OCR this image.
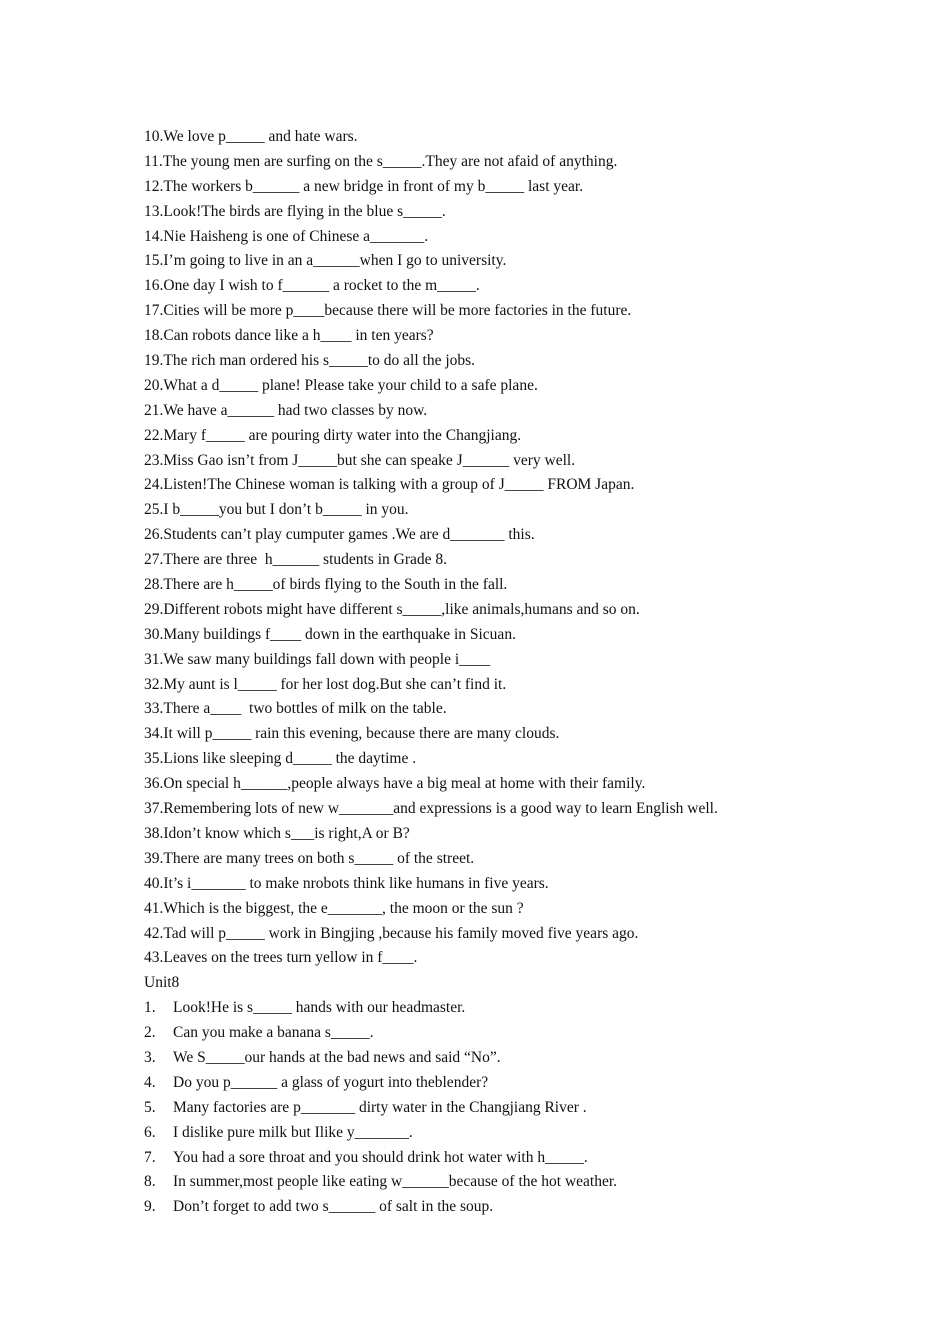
10.We love p_____ and hate wars.
11.The young men are surfing on the s_____.They are not afaid of anything.
12.The workers b______ a new bridge in front of my b_____ last year.
13.Look!The birds are flying in the blue s_____.
14.Nie Haisheng is one of Chinese a_______.
15.I’m going to live in an a______when I go to university.
16.One day I wish to f______ a rocket to the m_____.
17.Cities will be more p____because there will be more factories in the future.
18.Can robots dance like a h____ in ten years?
19.The rich man ordered his s_____to do all the jobs.
20.What a d_____ plane! Please take your child to a safe plane.
21.We have a______ had two classes by now.
22.Mary f_____ are pouring dirty water into the Changjiang.
23.Miss Gao isn’t from J_____but she can speake J______ very well.
24.Listen!The Chinese woman is talking with a group of J_____ FROM Japan.
25.I b_____you but I don’t b_____ in you.
26.Students can’t play cumputer games .We are d_______ this.
27.There are three  h______ students in Grade 8.
28.There are h_____of birds flying to the South in the fall.
29.Different robots might have different s_____,like animals,humans and so on.
30.Many buildings f____ down in the earthquake in Sicuan.
31.We saw many buildings fall down with people i____
32.My aunt is l_____ for her lost dog.But she can’t find it.
33.There a____  two bottles of milk on the table.
34.It will p_____ rain this evening, because there are many clouds.
35.Lions like sleeping d_____ the daytime .
36.On special h______,people always have a big meal at home with their family.
37.Remembering lots of new w_______and expressions is a good way to learn English well.
38.Idon’t know which s___is right,A or B?
39.There are many trees on both s_____ of the street.
40.It’s i_______ to make nrobots think like humans in five years.
41.Which is the biggest, the e_______, the moon or the sun ?
42.Tad will p_____ work in Bingjing ,because his family moved five years ago.
43.Leaves on the trees turn yellow in f____.
Unit8
1.	Look!He is s_____ hands with our headmaster.
2.	Can you make a banana s_____.
3.	We S_____our hands at the bad news and said “No”.
4.	Do you p______ a glass of yogurt into theblender?
5.	Many factories are p_______ dirty water in the Changjiang River .
6.	I dislike pure milk but Ilike y_______.
7.	You had a sore throat and you should drink hot water with h_____.
8.	In summer,most people like eating w______because of the hot weather.
9.	Don’t forget to add two s______ of salt in the soup.
